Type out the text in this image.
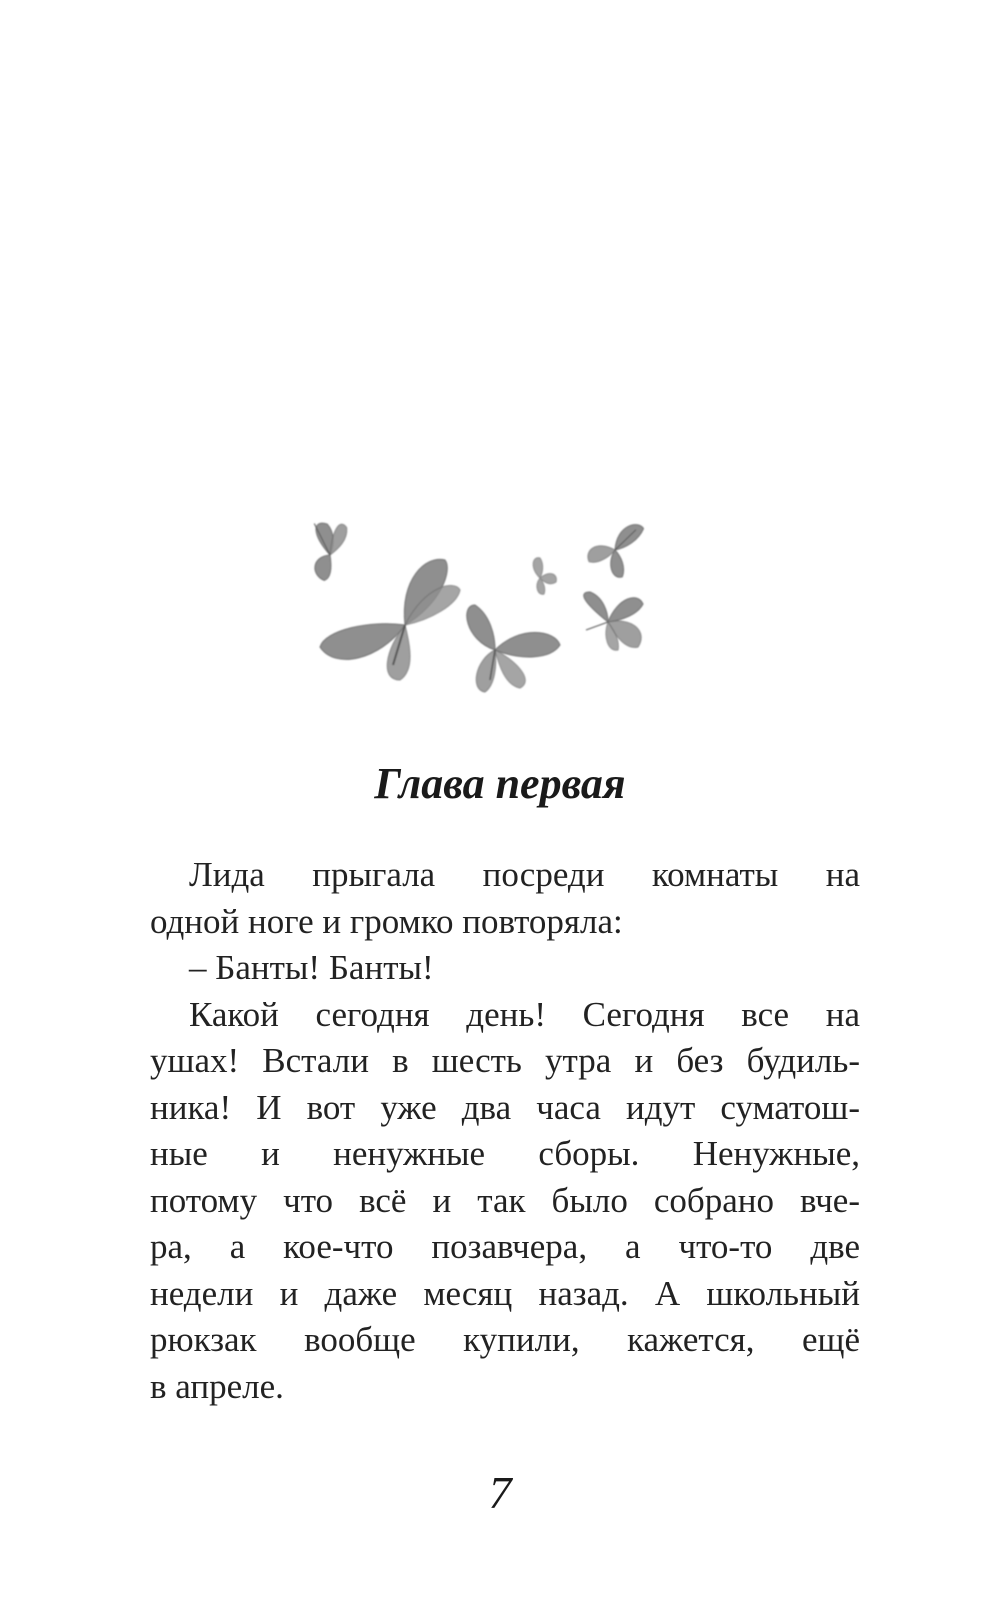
Глава первая
Лида прыгала посреди комнаты на
одной ноге и громко повторяла:
– Банты! Банты!
Какой сегодня день! Сегодня все на
ушах! Встали в шесть утра и без будиль-
ника! И вот уже два часа идут суматош-
ные и ненужные сборы. Ненужные,
потому что всё и так было собрано вче-
ра, а кое-что позавчера, а что-то две
недели и даже месяц назад. А школьный
рюкзак вообще купили, кажется, ещё
в апреле.
7
